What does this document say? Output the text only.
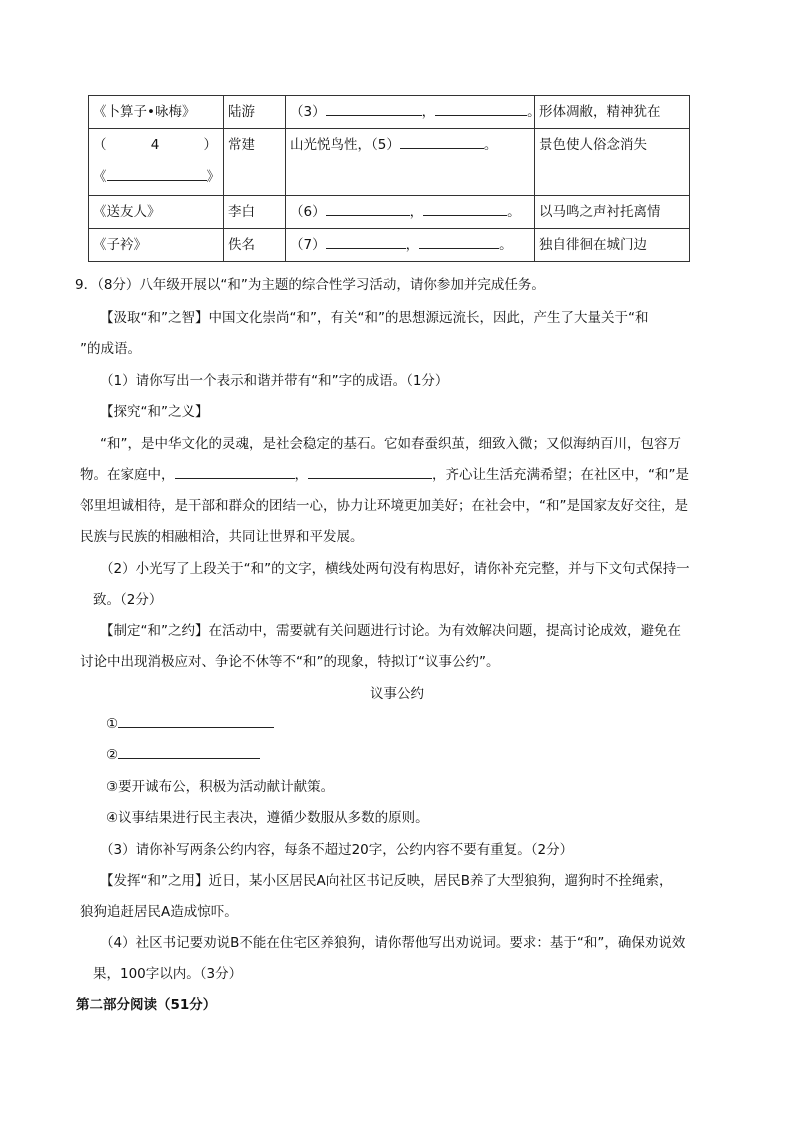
《卜算子•咏梅》	陆游	（3） ， 。	形体凋敝，精神犹在

（ 4 ）
《 》	常建	山光悦鸟性，（5） 。	景色使人俗念消失
《送友人》	李白	（6） ， 。	以马鸣之声衬托离情
《子衿》	佚名	（7） ， 。	独自徘徊在城门边
9．（8分）八年级开展以“和”为主题的综合性学习活动，请你参加并完成任务。
【汲取“和”之智】中国文化崇尚“和”，有关“和”的思想源远流长，因此，产生了大量关于“和
”的成语。
（1）请你写出一个表示和谐并带有“和”字的成语。（1分）
【探究“和”之义】
“和”，是中华文化的灵魂，是社会稳定的基石。它如春蚕织茧，细致入微；又似海纳百川，包容万
物。在家庭中，	，	，齐心让生活充满希望；在社区中，“和”是
邻里坦诚相待，是干部和群众的团结一心，协力让环境更加美好；在社会中，“和”是国家友好交往，是
民族与民族的相融相洽，共同让世界和平发展。
（2）小光写了上段关于“和”的文字，横线处两句没有构思好，请你补充完整，并与下文句式保持一
致。（2分）
【制定“和”之约】在活动中，需要就有关问题进行讨论。为有效解决问题，提高讨论成效，避免在
讨论中出现消极应对、争论不休等不“和”的现象，特拟订“议事公约”。
议事公约
①
②
③要开诚布公，积极为活动献计献策。
④议事结果进行民主表决，遵循少数服从多数的原则。
（3）请你补写两条公约内容，每条不超过20字，公约内容不要有重复。（2分）
【发挥“和”之用】近日，某小区居民A向社区书记反映，居民B养了大型狼狗，遛狗时不拴绳索，
狼狗追赶居民A造成惊吓。
（4）社区书记要劝说B不能在住宅区养狼狗，请你帮他写出劝说词。要求：基于“和”，确保劝说效
果，100字以内。（3分）
第二部分阅读（51分）
